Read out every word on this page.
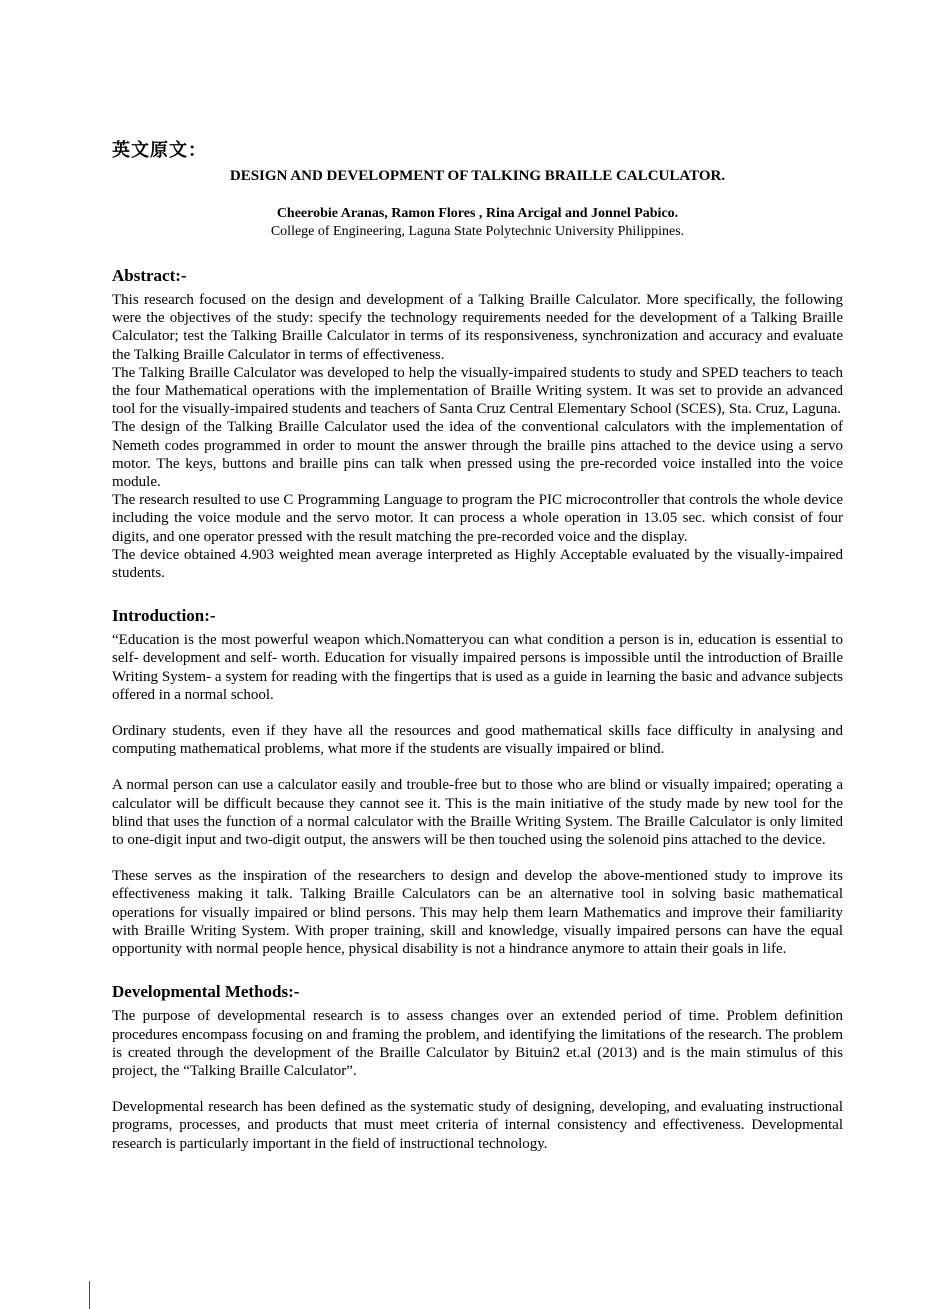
英文原文：
DESIGN AND DEVELOPMENT OF TALKING BRAILLE CALCULATOR.
Cheerobie Aranas, Ramon Flores , Rina Arcigal and Jonnel Pabico.
College of Engineering, Laguna State Polytechnic University Philippines.
Abstract:-

This research focused on the design and development of a Talking Braille Calculator. More specifically, the following were the objectives of the study: specify the technology requirements needed for the development of a Talking Braille Calculator; test the Talking Braille Calculator in terms of its responsiveness, synchronization and accuracy and evaluate the Talking Braille Calculator in terms of effectiveness.

The Talking Braille Calculator was developed to help the visually-impaired students to study and SPED teachers to teach the four Mathematical operations with the implementation of Braille Writing system. It was set to provide an advanced tool for the visually-impaired students and teachers of Santa Cruz Central Elementary School (SCES), Sta. Cruz, Laguna.

The design of the Talking Braille Calculator used the idea of the conventional calculators with the implementation of Nemeth codes programmed in order to mount the answer through the braille pins attached to the device using a servo motor. The keys, buttons and braille pins can talk when pressed using the pre-recorded voice installed into the voice module.

The research resulted to use C Programming Language to program the PIC microcontroller that controls the whole device including the voice module and the servo motor. It can process a whole operation in 13.05 sec. which consist of four digits, and one operator pressed with the result matching the pre-recorded voice and the display.

The device obtained 4.903 weighted mean average interpreted as Highly Acceptable evaluated by the visually-impaired students.

Introduction:-

“Education is the most powerful weapon which.Nomatteryou can what condition a person is in, education is essential to self- development and self- worth. Education for visually impaired persons is impossible until the introduction of Braille Writing System- a system for reading with the fingertips that is used as a guide in learning the basic and advance subjects offered in a normal school.

Ordinary students, even if they have all the resources and good mathematical skills face difficulty in analysing and computing mathematical problems, what more if the students are visually impaired or blind.

A normal person can use a calculator easily and trouble-free but to those who are blind or visually impaired; operating a calculator will be difficult because they cannot see it. This is the main initiative of the study made by new tool for the blind that uses the function of a normal calculator with the Braille Writing System. The Braille Calculator is only limited to one-digit input and two-digit output, the answers will be then touched using the solenoid pins attached to the device.

These serves as the inspiration of the researchers to design and develop the above-mentioned study to improve its effectiveness making it talk. Talking Braille Calculators can be an alternative tool in solving basic mathematical operations for visually impaired or blind persons. This may help them learn Mathematics and improve their familiarity with Braille Writing System. With proper training, skill and knowledge, visually impaired persons can have the equal opportunity with normal people hence, physical disability is not a hindrance anymore to attain their goals in life.

Developmental Methods:-

The purpose of developmental research is to assess changes over an extended period of time. Problem definition procedures encompass focusing on and framing the problem, and identifying the limitations of the research. The problem is created through the development of the Braille Calculator by Bituin2 et.al (2013) and is the main stimulus of this project, the “Talking Braille Calculator”.

Developmental research has been defined as the systematic study of designing, developing, and evaluating instructional programs, processes, and products that must meet criteria of internal consistency and effectiveness. Developmental research is particularly important in the field of instructional technology.
